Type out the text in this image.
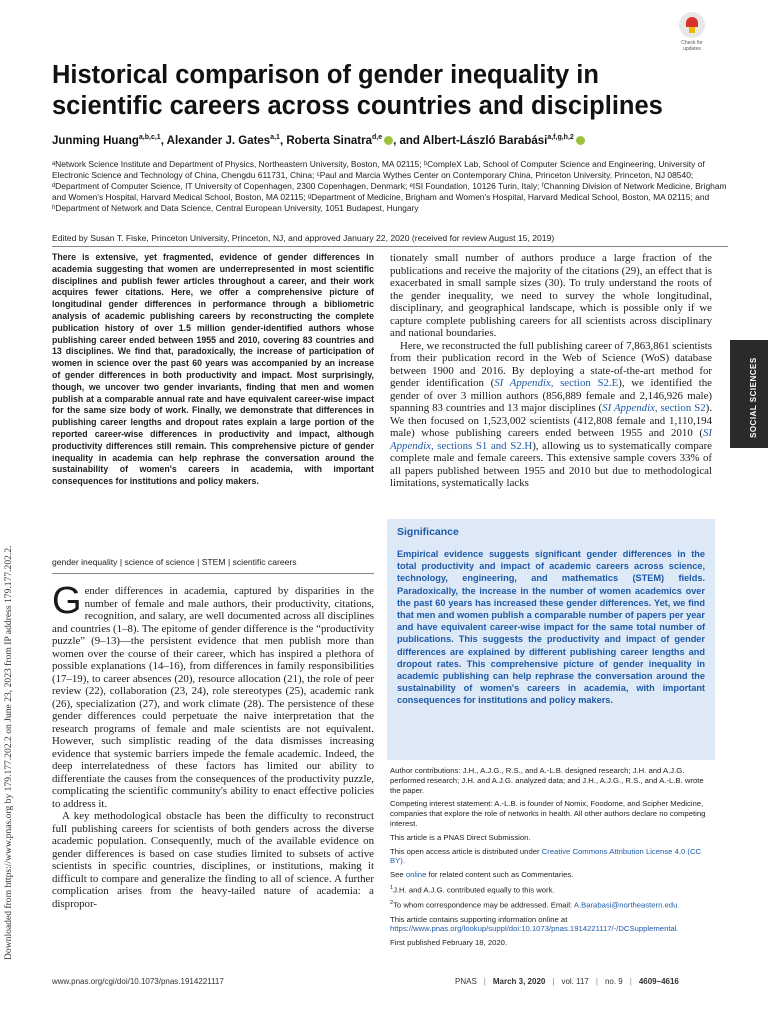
Check for
updates
Downloaded from https://www.pnas.org by 179.177.202.2 on June 23, 2023 from IP address 179.177.202.2.
SOCIAL SCIENCES
Historical comparison of gender inequality in scientific careers across countries and disciplines
Junming Huang$^{a,b,c,1}$, Alexander J. Gates$^{a,1}$, Roberta Sinatra$^{d,e}$ , and Albert-László Barabási$^{a,f,g,h,2}$
ᵃNetwork Science Institute and Department of Physics, Northeastern University, Boston, MA 02115; ᵇCompleX Lab, School of Computer Science and Engineering, University of Electronic Science and Technology of China, Chengdu 611731, China; ᶜPaul and Marcia Wythes Center on Contemporary China, Princeton University, Princeton, NJ 08540; ᵈDepartment of Computer Science, IT University of Copenhagen, 2300 Copenhagen, Denmark; ᵉISI Foundation, 10126 Turin, Italy; ᶠChanning Division of Network Medicine, Brigham and Women's Hospital, Harvard Medical School, Boston, MA 02115; ᵍDepartment of Medicine, Brigham and Women's Hospital, Harvard Medical School, Boston, MA 02115; and ʰDepartment of Network and Data Science, Central European University, 1051 Budapest, Hungary
Edited by Susan T. Fiske, Princeton University, Princeton, NJ, and approved January 22, 2020 (received for review August 15, 2019)
There is extensive, yet fragmented, evidence of gender differences in academia suggesting that women are underrepresented in most scientific disciplines and publish fewer articles throughout a career, and their work acquires fewer citations. Here, we offer a comprehensive picture of longitudinal gender differences in performance through a bibliometric analysis of academic publishing careers by reconstructing the complete publication history of over 1.5 million gender-identified authors whose publishing career ended between 1955 and 2010, covering 83 countries and 13 disciplines. We find that, paradoxically, the increase of participation of women in science over the past 60 years was accompanied by an increase of gender differences in both productivity and impact. Most surprisingly, though, we uncover two gender invariants, finding that men and women publish at a comparable annual rate and have equivalent career-wise impact for the same size body of work. Finally, we demonstrate that differences in publishing career lengths and dropout rates explain a large portion of the reported career-wise differences in productivity and impact, although productivity differences still remain. This comprehensive picture of gender inequality in academia can help rephrase the conversation around the sustainability of women's careers in academia, with important consequences for institutions and policy makers.
gender inequality | science of science | STEM | scientific careers

Gender differences in academia, captured by disparities in the number of female and male authors, their productivity, citations, recognition, and salary, are well documented across all disciplines and countries (1–8). The epitome of gender difference is the “productivity puzzle” (9–13)—the persistent evidence that men publish more than women over the course of their career, which has inspired a plethora of possible explanations (14–16), from differences in family responsibilities (17–19), to career absences (20), resource allocation (21), the role of peer review (22), collaboration (23, 24), role stereotypes (25), academic rank (26), specialization (27), and work climate (28). The persistence of these gender differences could perpetuate the naive interpretation that the research programs of female and male scientists are not equivalent. However, such simplistic reading of the data dismisses increasing evidence that systemic barriers impede the female academic. Indeed, the deep interrelatedness of these factors has limited our ability to differentiate the causes from the consequences of the productivity puzzle, complicating the scientific community's ability to enact effective policies to address it.

A key methodological obstacle has been the difficulty to reconstruct full publishing careers for scientists of both genders across the diverse academic population. Consequently, much of the available evidence on gender differences is based on case studies limited to subsets of active scientists in specific countries, disciplines, or institutions, making it difficult to compare and generalize the finding to all of science. A further complication arises from the heavy-tailed nature of academia: a dispropor-

tionately small number of authors produce a large fraction of the publications and receive the majority of the citations (29), an effect that is exacerbated in small sample sizes (30). To truly understand the roots of the gender inequality, we need to survey the whole longitudinal, disciplinary, and geographical landscape, which is possible only if we capture complete publishing careers for all scientists across disciplinary and national boundaries.

Here, we reconstructed the full publishing career of 7,863,861 scientists from their publication record in the Web of Science (WoS) database between 1900 and 2016. By deploying a state-of-the-art method for gender identification (SI Appendix, section S2.E), we identified the gender of over 3 million authors (856,889 female and 2,146,926 male) spanning 83 countries and 13 major disciplines (SI Appendix, section S2). We then focused on 1,523,002 scientists (412,808 female and 1,110,194 male) whose publishing careers ended between 1955 and 2010 (SI Appendix, sections S1 and S2.H), allowing us to systematically compare complete male and female careers. This extensive sample covers 33% of all papers published between 1955 and 2010 but due to methodological limitations, systematically lacks

Significance
Empirical evidence suggests significant gender differences in the total productivity and impact of academic careers across science, technology, engineering, and mathematics (STEM) fields. Paradoxically, the increase in the number of women academics over the past 60 years has increased these gender differences. Yet, we find that men and women publish a comparable number of papers per year and have equivalent career-wise impact for the same total number of publications. This suggests the productivity and impact of gender differences are explained by different publishing career lengths and dropout rates. This comprehensive picture of gender inequality in academic publishing can help rephrase the conversation around the sustainability of women's careers in academia, with important consequences for institutions and policy makers.

Author contributions: J.H., A.J.G., R.S., and A.-L.B. designed research; J.H. and A.J.G. performed research; J.H. and A.J.G. analyzed data; and J.H., A.J.G., R.S., and A.-L.B. wrote the paper.

Competing interest statement: A.-L.B. is founder of Nomix, Foodome, and Scipher Medicine, companies that explore the role of networks in health. All other authors declare no competing interest.

This article is a PNAS Direct Submission.

This open access article is distributed under Creative Commons Attribution License 4.0 (CC BY).

See online for related content such as Commentaries.

$^1$J.H. and A.J.G. contributed equally to this work.

$^2$To whom correspondence may be addressed. Email: A.Barabasi@northeastern.edu.

This article contains supporting information online at https://www.pnas.org/lookup/suppl/doi:10.1073/pnas.1914221117/-/DCSupplemental.

First published February 18, 2020.

www.pnas.org/cgi/doi/10.1073/pnas.1914221117	PNAS | March 3, 2020 | vol. 117 | no. 9 | 4609–4616
